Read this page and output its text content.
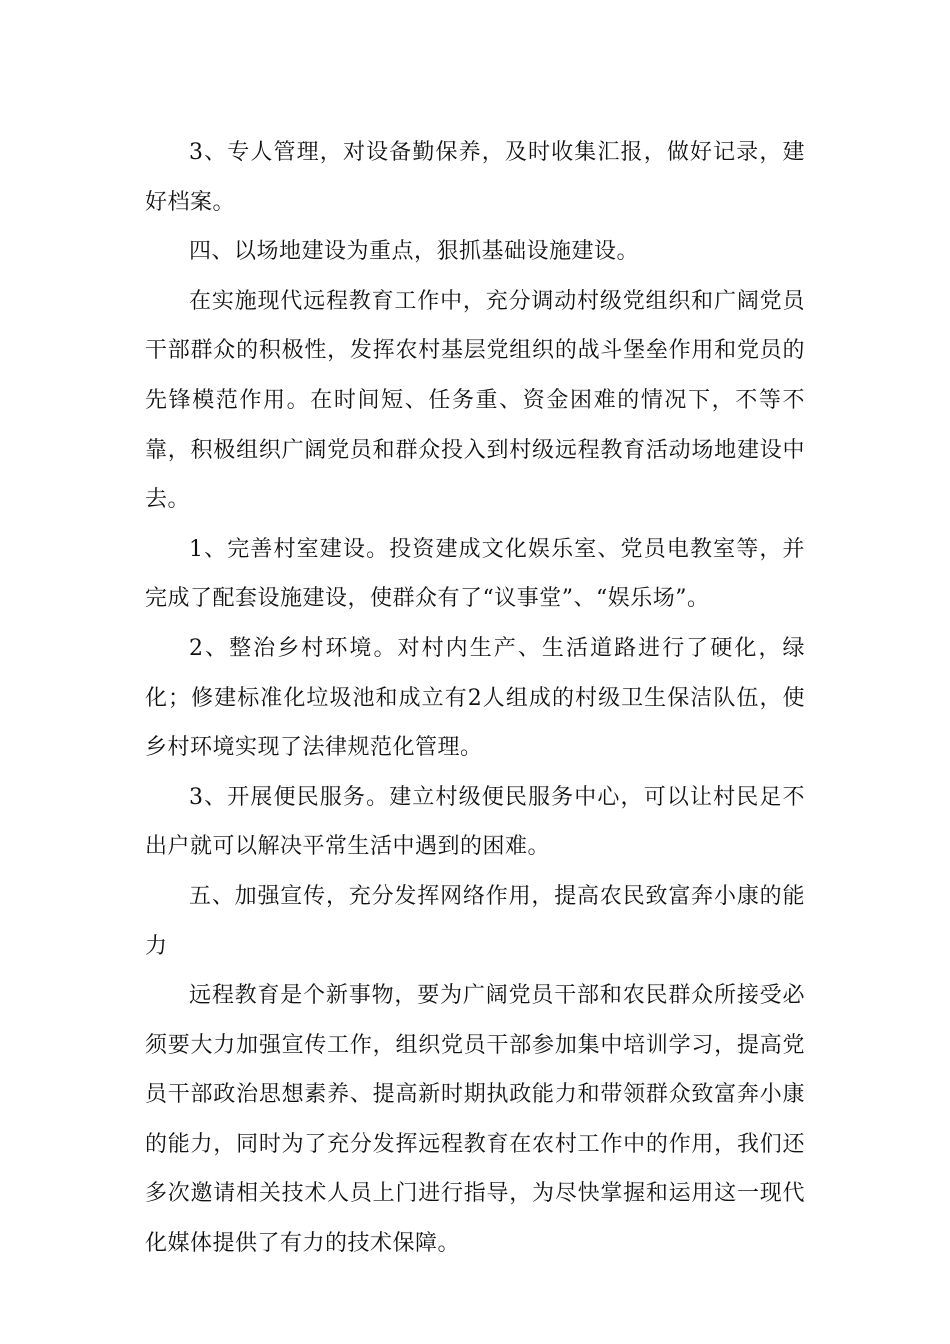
3、专人管理，对设备勤保养，及时收集汇报，做好记录，建好档案。

四、以场地建设为重点，狠抓基础设施建设。

在实施现代远程教育工作中，充分调动村级党组织和广阔党员干部群众的积极性，发挥农村基层党组织的战斗堡垒作用和党员的先锋模范作用。在时间短、任务重、资金困难的情况下，不等不靠，积极组织广阔党员和群众投入到村级远程教育活动场地建设中去。

1、完善村室建设。投资建成文化娱乐室、党员电教室等，并完成了配套设施建设，使群众有了“议事堂”、“娱乐场”。

2、整治乡村环境。对村内生产、生活道路进行了硬化，绿化；修建标准化垃圾池和成立有2人组成的村级卫生保洁队伍，使乡村环境实现了法律规范化管理。

3、开展便民服务。建立村级便民服务中心，可以让村民足不出户就可以解决平常生活中遇到的困难。

五、加强宣传，充分发挥网络作用，提高农民致富奔小康的能力

远程教育是个新事物，要为广阔党员干部和农民群众所接受必须要大力加强宣传工作，组织党员干部参加集中培训学习，提高党员干部政治思想素养、提高新时期执政能力和带领群众致富奔小康的能力，同时为了充分发挥远程教育在农村工作中的作用，我们还多次邀请相关技术人员上门进行指导，为尽快掌握和运用这一现代化媒体提供了有力的技术保障。
